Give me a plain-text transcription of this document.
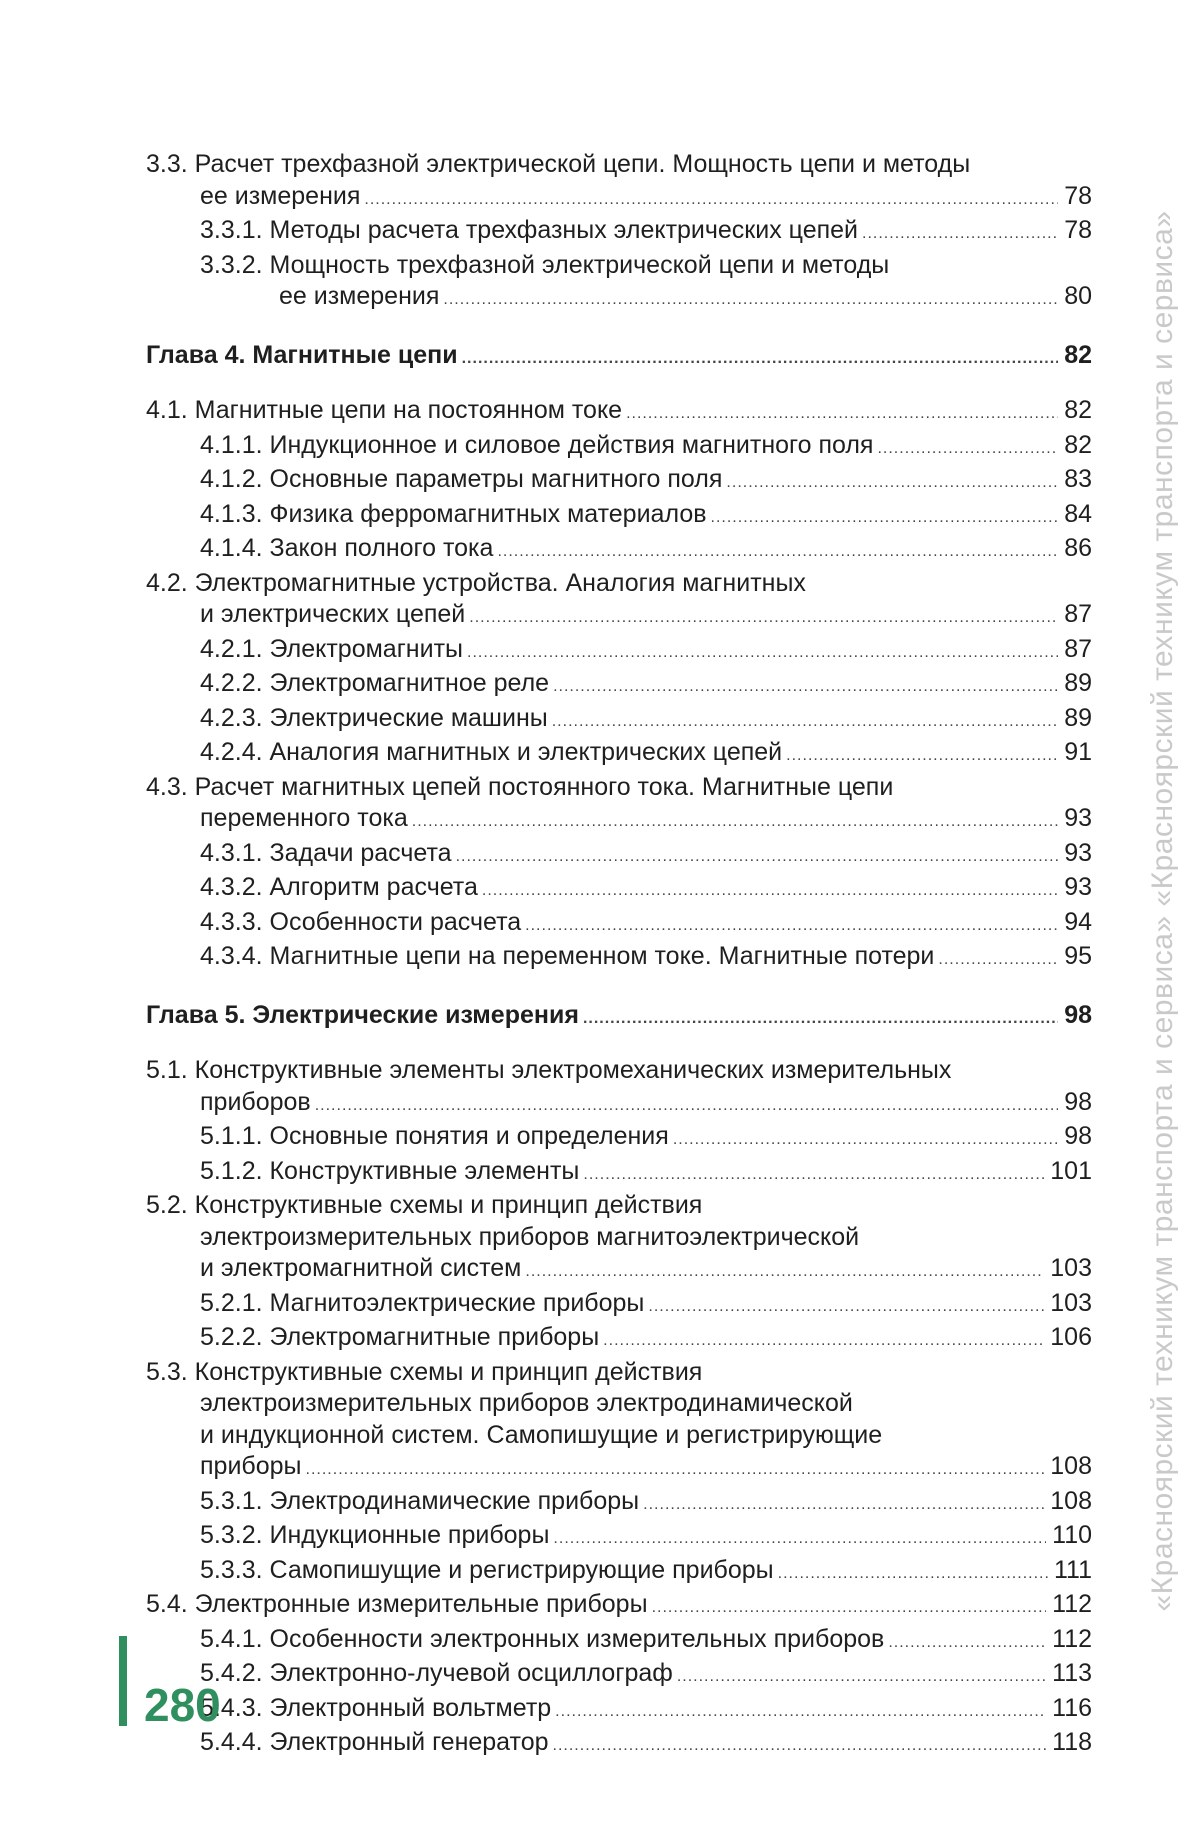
3.3. Расчет трехфазной электрической цепи. Мощность цепи и методы
ее измерения .....	78
3.3.1. Методы расчета трехфазных электрических цепей .....	78
3.3.2. Мощность трехфазной электрической цепи и методы
ее измерения .....	80
Глава 4. Магнитные цепи .....	82
4.1. Магнитные цепи на постоянном токе .....	82
4.1.1. Индукционное и силовое действия магнитного поля .....	82
4.1.2. Основные параметры магнитного поля .....	83
4.1.3. Физика ферромагнитных материалов .....	84
4.1.4. Закон полного тока .....	86
4.2. Электромагнитные устройства. Аналогия магнитных
и электрических цепей .....	87
4.2.1. Электромагниты .....	87
4.2.2. Электромагнитное реле .....	89
4.2.3. Электрические машины .....	89
4.2.4. Аналогия магнитных и электрических цепей .....	91
4.3. Расчет магнитных цепей постоянного тока. Магнитные цепи
переменного тока .....	93
4.3.1. Задачи расчета .....	93
4.3.2. Алгоритм расчета .....	93
4.3.3. Особенности расчета .....	94
4.3.4. Магнитные цепи на переменном токе. Магнитные потери .....	95
Глава 5. Электрические измерения .....	98
5.1. Конструктивные элементы электромеханических измерительных
приборов .....	98
5.1.1. Основные понятия и определения .....	98
5.1.2. Конструктивные элементы .....	101
5.2. Конструктивные схемы и принцип действия
электроизмерительных приборов магнитоэлектрической
и электромагнитной систем .....	103
5.2.1. Магнитоэлектрические приборы .....	103
5.2.2. Электромагнитные приборы .....	106
5.3. Конструктивные схемы и принцип действия
электроизмерительных приборов электродинамической
и индукционной систем. Самопишущие и регистрирующие
приборы .....	108
5.3.1. Электродинамические приборы .....	108
5.3.2. Индукционные приборы .....	110
5.3.3. Самопишущие и регистрирующие приборы .....	111
5.4. Электронные измерительные приборы .....	112
5.4.1. Особенности электронных измерительных приборов .....	112
5.4.2. Электронно-лучевой осциллограф .....	113
5.4.3. Электронный вольтметр .....	116
5.4.4. Электронный генератор .....	118
«Красноярский техникум транспорта и сервиса» «Красноярский техникум транспорта и сервиса»
280
